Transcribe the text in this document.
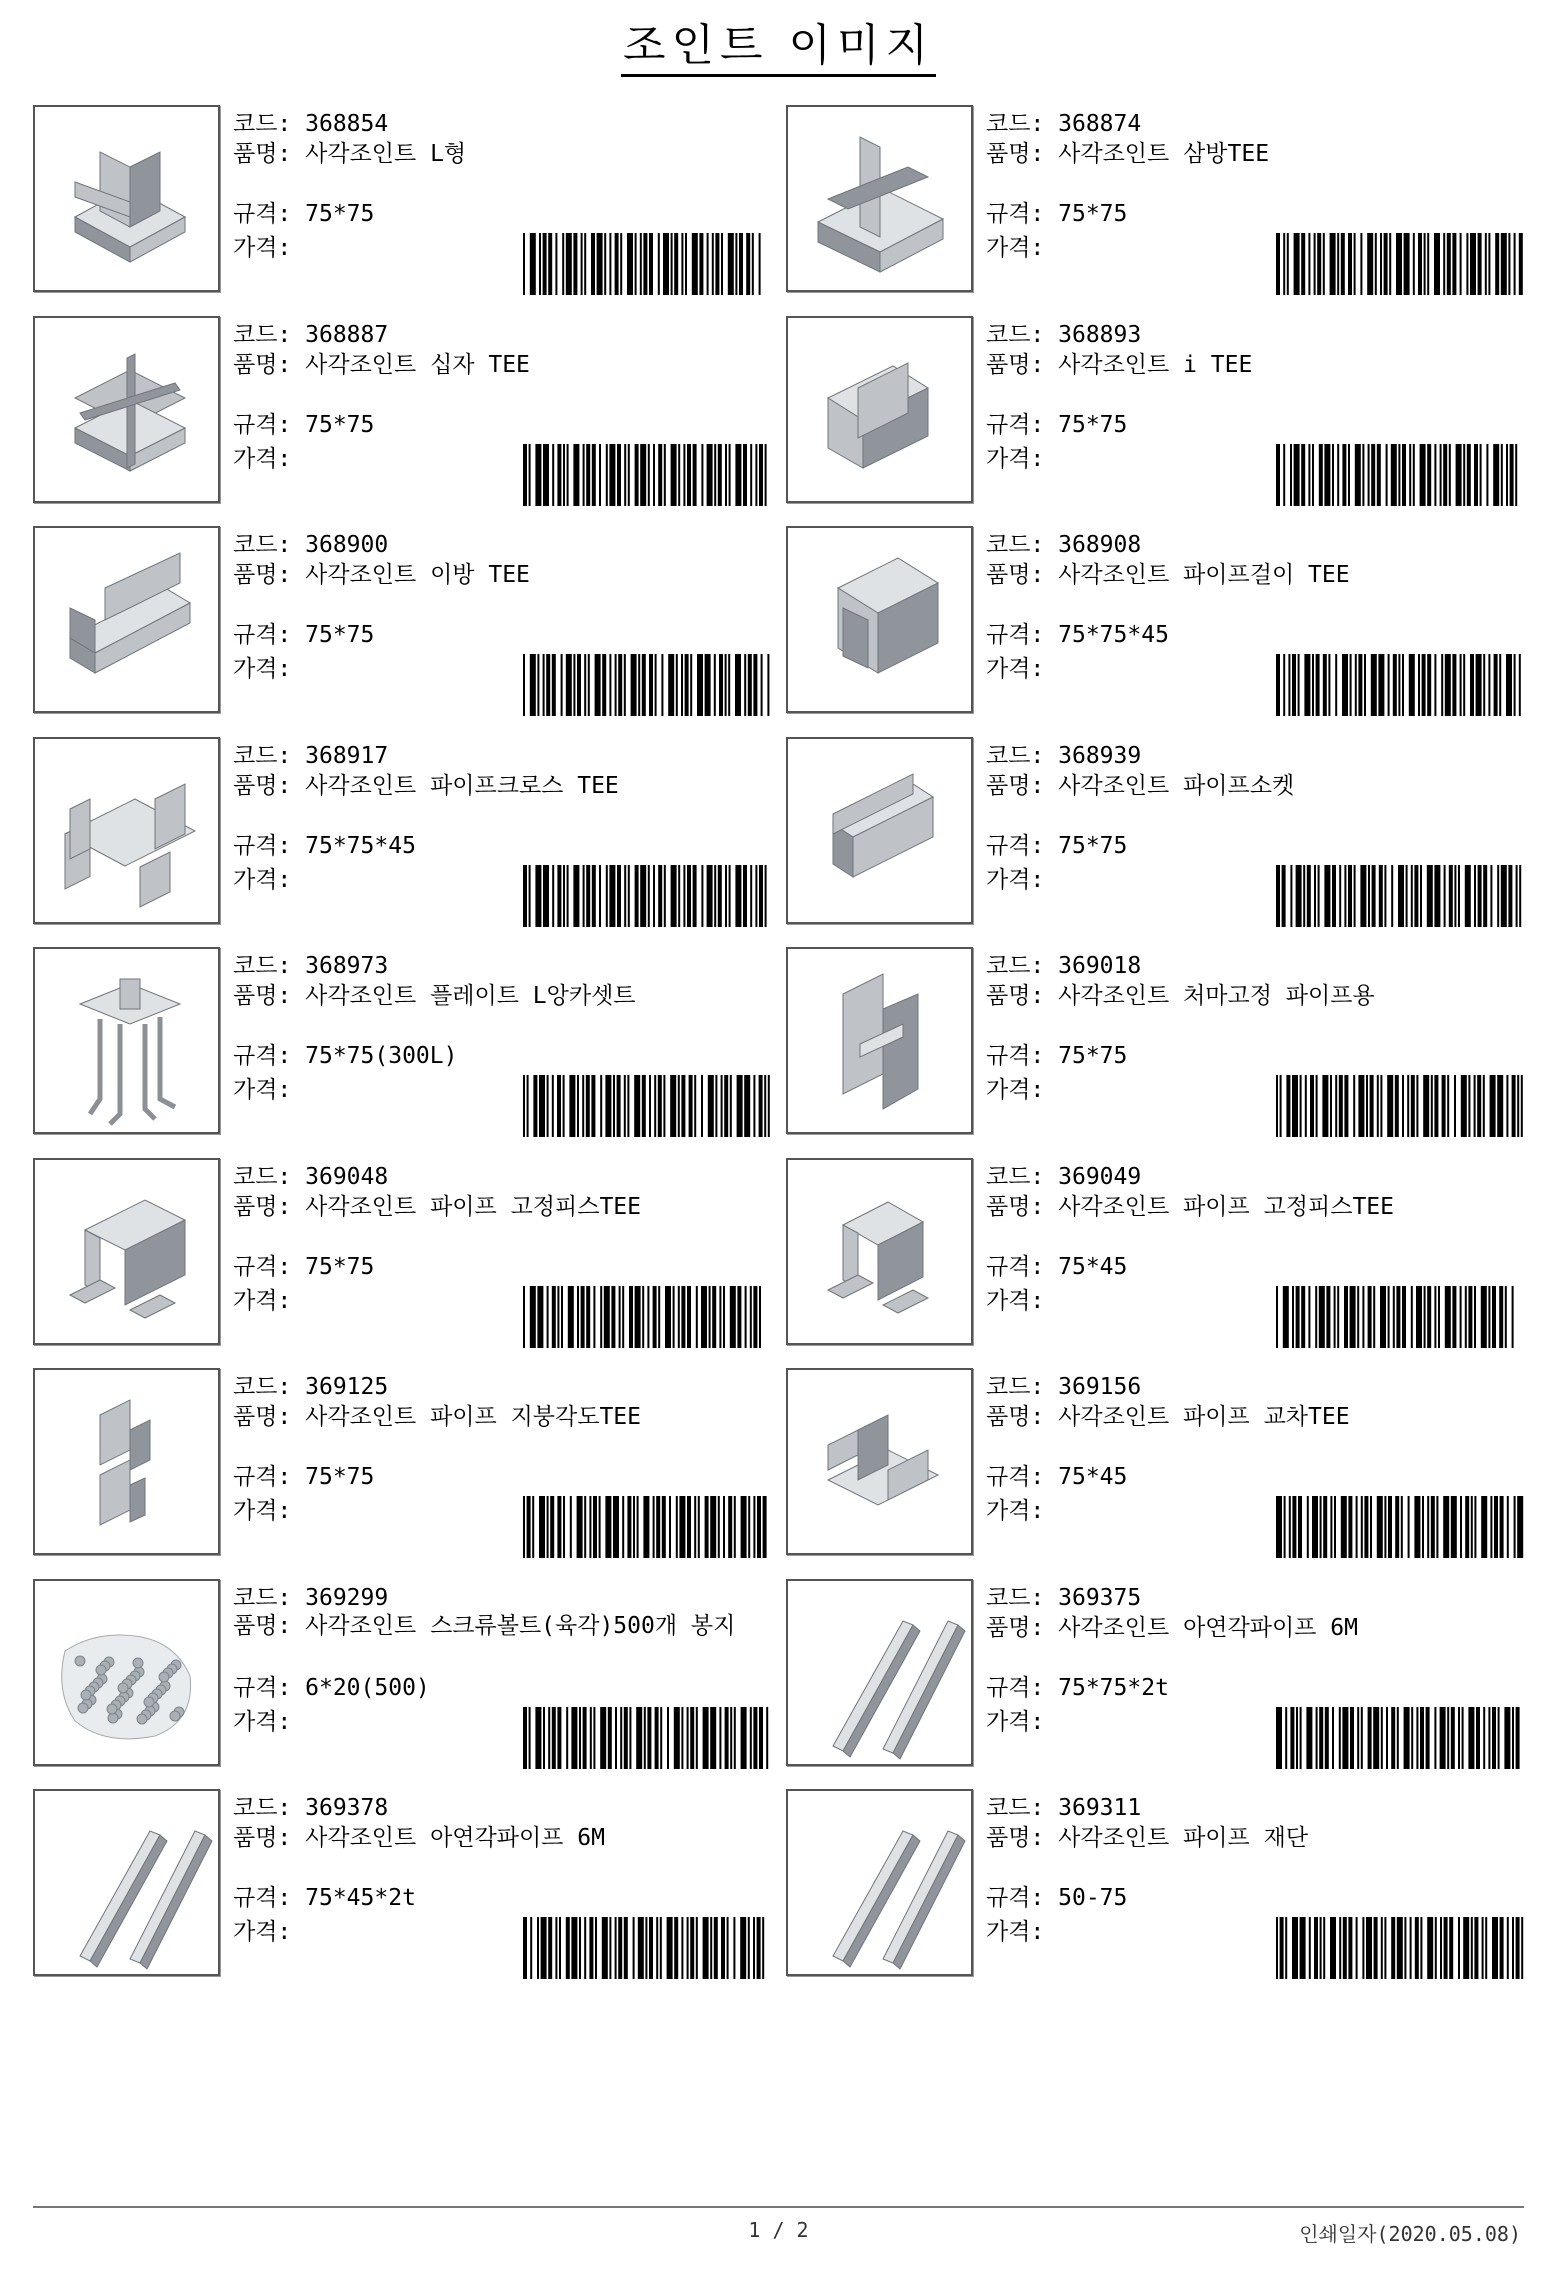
조인트 이미지
코드: 368854
품명: 사각조인트 L형
규격: 75*75
가격:
코드: 368874
품명: 사각조인트 삼방TEE
규격: 75*75
가격:
코드: 368887
품명: 사각조인트 십자 TEE
규격: 75*75
가격:
코드: 368893
품명: 사각조인트 i TEE
규격: 75*75
가격:
코드: 368900
품명: 사각조인트 이방 TEE
규격: 75*75
가격:
코드: 368908
품명: 사각조인트 파이프걸이 TEE
규격: 75*75*45
가격:
코드: 368917
품명: 사각조인트 파이프크로스 TEE
규격: 75*75*45
가격:
코드: 368939
품명: 사각조인트 파이프소켓
규격: 75*75
가격:
코드: 368973
품명: 사각조인트 플레이트 L앙카셋트
규격: 75*75(300L)
가격:
코드: 369018
품명: 사각조인트 처마고정 파이프용
규격: 75*75
가격:
코드: 369048
품명: 사각조인트 파이프 고정피스TEE
규격: 75*75
가격:
코드: 369049
품명: 사각조인트 파이프 고정피스TEE
규격: 75*45
가격:
코드: 369125
품명: 사각조인트 파이프 지붕각도TEE
규격: 75*75
가격:
코드: 369156
품명: 사각조인트 파이프 교차TEE
규격: 75*45
가격:
코드: 369299
품명: 사각조인트 스크류볼트(육각)500개 봉지
규격: 6*20(500)
가격:
코드: 369375
품명: 사각조인트 아연각파이프 6M
규격: 75*75*2t
가격:
코드: 369378
품명: 사각조인트 아연각파이프 6M
규격: 75*45*2t
가격:
코드: 369311
품명: 사각조인트 파이프 재단
규격: 50-75
가격:
1 / 2	인쇄일자(2020.05.08)
